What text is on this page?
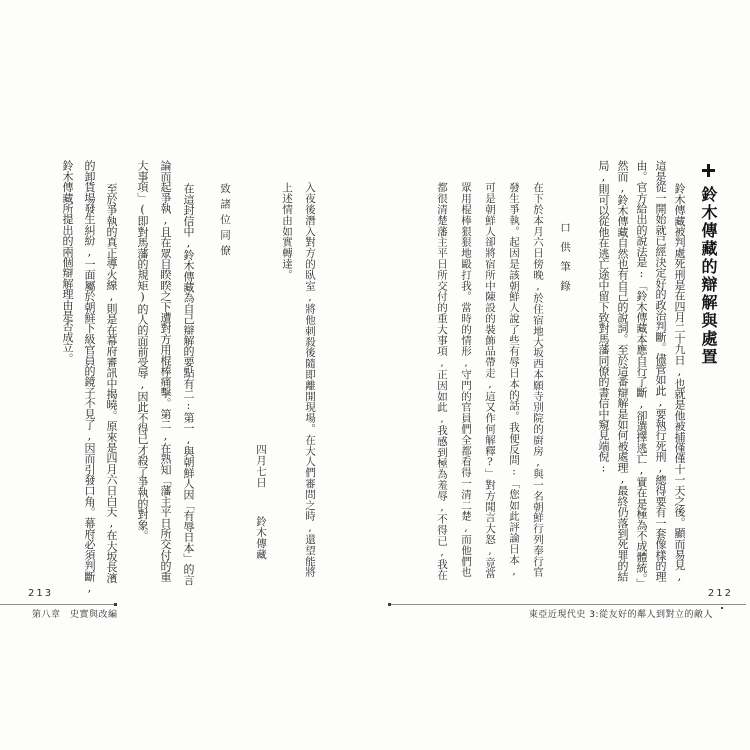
鈴木傳藏的辯解與處置
鈴木傳藏被判處死刑是在四月二十九日,也就是他被捕僅僅十一天之後。顯而易見,
這是從一開始就已經決定好的政治判斷。儘管如此,要執行死刑,總得要有一套像樣的理
由。官方給出的說法是:「鈴木傳藏本應自行了斷,卻選擇逃亡,實在是極為不成體統。」
然而,鈴木傳藏自然也有自己的說詞。至於這番辯解是如何被處理,最終仍落到死罪的結
局,則可以從他在逃亡途中留下致對馬藩同僚的書信中窺見端倪:
口供筆錄
在下於本月六日傍晚,於住宿地大坂西本願寺別院的廚房,與一名朝鮮行列奉行官
發生爭執。起因是該朝鮮人說了些有辱日本的話。我便反問:「您如此評論日本,
可是朝鮮人卻將宿所中陳設的裝飾品帶走,這又作何解釋?」對方聞言大怒,竟當
眾用棍棒狠狠地毆打我。當時的情形,守門的官員們全都看得一清二楚,而他們也
都很清楚藩主平日所交付的重大事項,正因如此,我感到極為羞辱,不得已,我在
212
東亞近現代史 3:從友好的鄰人到對立的敵人
入夜後潛入對方的臥室,將他刺殺後隨即離開現場。在大人們審問之時,還望能將
上述情由如實轉達。
四月七日
鈴木傳藏
致諸位同僚
在這封信中,鈴木傳藏為自己辯解的要點有二:第一,與朝鮮人因「有辱日本」的言
論而起爭執,且在眾目睽睽之下遭對方用棍棒痛擊。第二,在熟知「藩主平日所交付的重
大事項」(即對馬藩的規矩)的人的面前受辱,因此不得已才殺了爭執的對象。
至於爭執的真正導火線,則是在幕府審訊中揭曉。原來是四月六日白天,在大坂長濱
的卸貨場發生糾紛,一面屬於朝鮮下級官員的鏡子不見了,因而引發口角。幕府必須判斷,
鈴木傳藏所提出的兩個辯解理由是否成立。
213
第八章　史實與改編
